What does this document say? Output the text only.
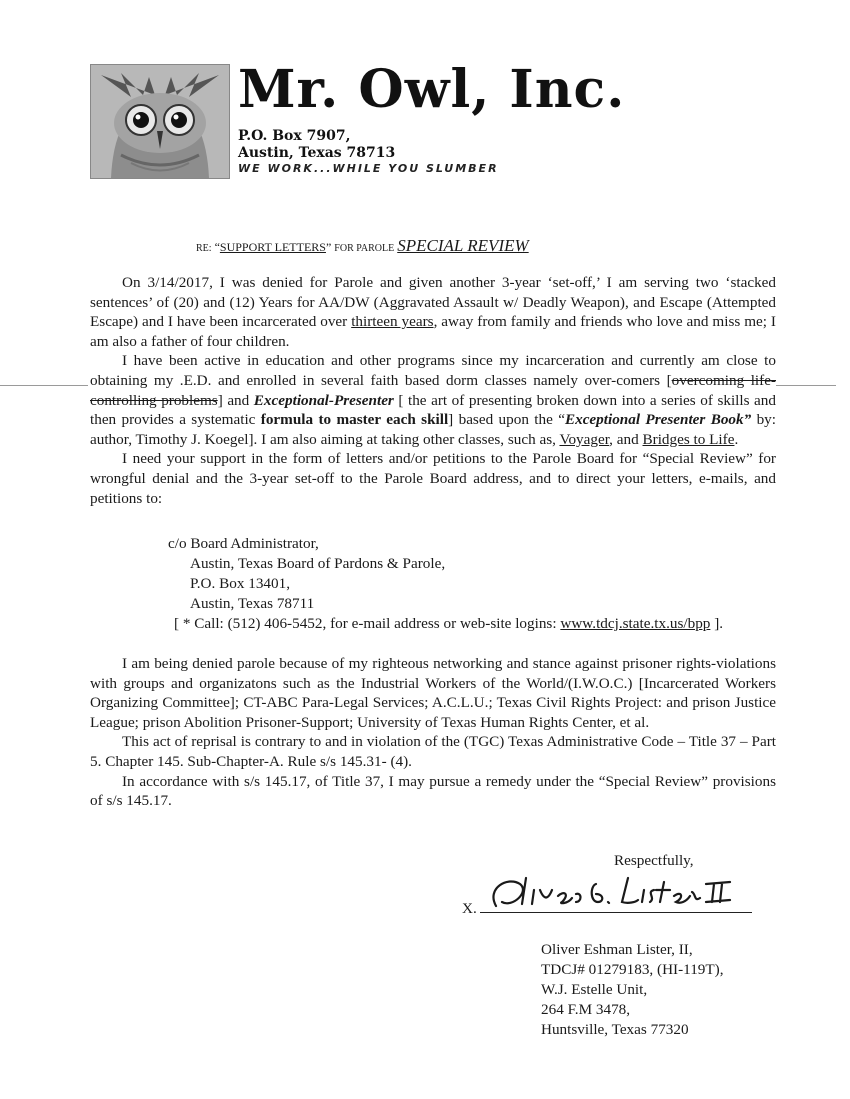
Mr. Owl, Inc.
P.O. Box 7907,
Austin, Texas 78713
WE WORK...WHILE YOU SLUMBER
RE: “SUPPORT LETTERS” FOR PAROLE SPECIAL REVIEW

On 3/14/2017, I was denied for Parole and given another 3-year ‘set-off,’ I am serving two ‘stacked sentences’ of (20) and (12) Years for AA/DW (Aggravated Assault w/ Deadly Weapon), and Escape (Attempted Escape) and I have been incarcerated over thirteen years, away from family and friends who love and miss me; I am also a father of four children.

I have been active in education and other programs since my incarceration and currently am close to obtaining my .E.D. and enrolled in several faith based dorm classes namely over-comers [overcoming life-controlling problems] and Exceptional-Presenter [ the art of presenting broken down into a series of skills and then provides a systematic formula to master each skill] based upon the “Exceptional Presenter Book” by: author, Timothy J. Koegel]. I am also aiming at taking other classes, such as, Voyager, and Bridges to Life.

I need your support in the form of letters and/or petitions to the Parole Board for “Special Review” for wrongful denial and the 3-year set-off to the Parole Board address, and to direct your letters, e-mails, and petitions to:

c/o Board Administrator,
Austin, Texas Board of Pardons & Parole,
P.O. Box 13401,
Austin, Texas 78711
[ * Call: (512) 406-5452, for e-mail address or web-site logins: www.tdcj.state.tx.us/bpp ].

I am being denied parole because of my righteous networking and stance against prisoner rights-violations with groups and organizatons such as the Industrial Workers of the World/(I.W.O.C.) [Incarcerated Workers Organizing Committee]; CT-ABC Para-Legal Services; A.C.L.U.; Texas Civil Rights Project: and prison Justice League; prison Abolition Prisoner-Support; University of Texas Human Rights Center, et al.

This act of reprisal is contrary to and in violation of the (TGC) Texas Administrative Code – Title 37 – Part 5. Chapter 145. Sub-Chapter-A. Rule s/s 145.31- (4).

In accordance with s/s 145.17, of Title 37, I may pursue a remedy under the “Special Review” provisions of s/s 145.17.

Respectfully,
X.
Oliver E. Lister II
Oliver Eshman Lister, II,
TDCJ# 01279183, (HI-119T),
W.J. Estelle Unit,
264 F.M 3478,
Huntsville, Texas 77320
